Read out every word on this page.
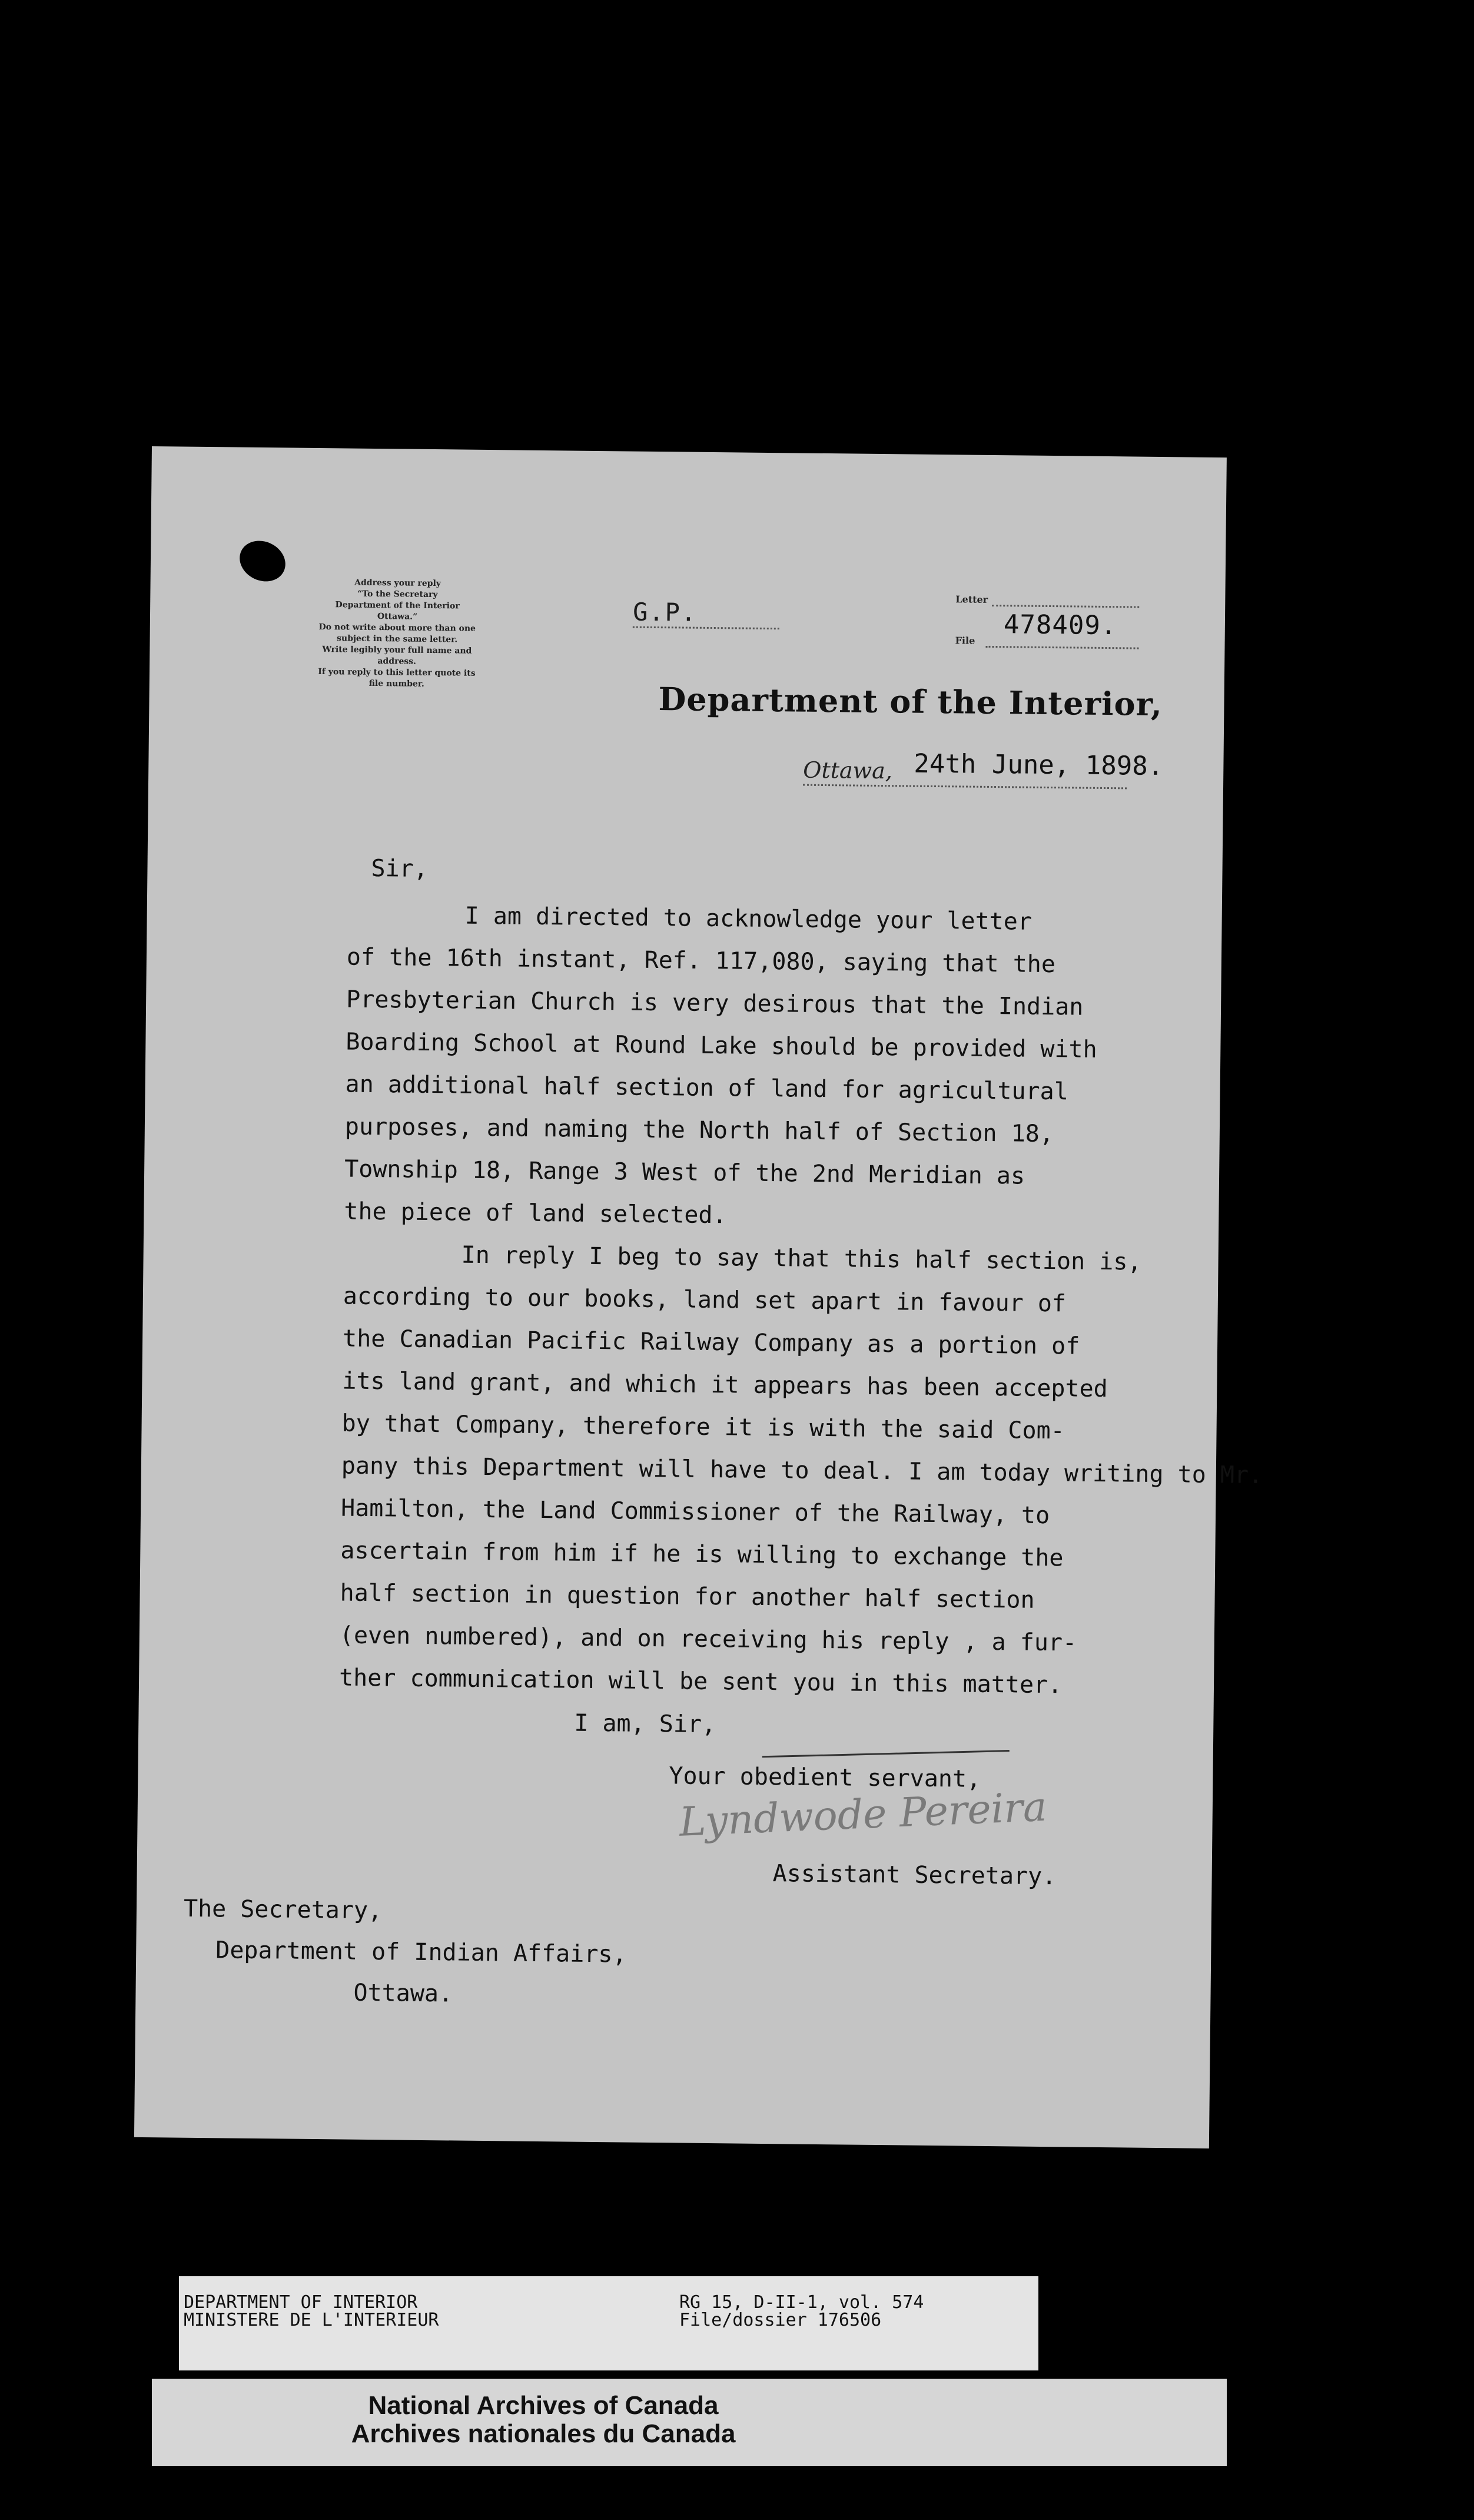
Address your reply
“To the Secretary
Department of the Interior
Ottawa.”
Do not write about more than one
subject in the same letter.
Write legibly your full name and
address.
If you reply to this letter quote its
file number.
G.P.	Letter
478409.
File
Department of the Interior,
Ottawa, 24th June, 1898.
Sir,

I am directed to acknowledge your letter
of the 16th instant, Ref. 117,080, saying that the
Presbyterian Church is very desirous that the Indian
Boarding School at Round Lake should be provided with
an additional half section of land for agricultural
purposes, and naming the North half of Section 18,
Township 18, Range 3 West of the 2nd Meridian as
the piece of land selected.

In reply I beg to say that this half section is,
according to our books, land set apart in favour of
the Canadian Pacific Railway Company as a portion of
its land grant, and which it appears has been accepted
by that Company, therefore it is with the said Com-
pany this Department will have to deal. I am today writing to Mr.
Hamilton, the Land Commissioner of the Railway, to
ascertain from him if he is willing to exchange the
half section in question for another half section
(even numbered), and on receiving his reply , a fur-
ther communication will be sent you in this matter.

I am, Sir,
Your obedient servant,
Lyndwode Pereira
Assistant Secretary.
The Secretary,
Department of Indian Affairs,
Ottawa.
DEPARTMENT OF INTERIOR
MINISTERE DE L'INTERIEUR
RG 15, D-II-1, vol. 574
File/dossier 176506
National Archives of Canada
Archives nationales du Canada
